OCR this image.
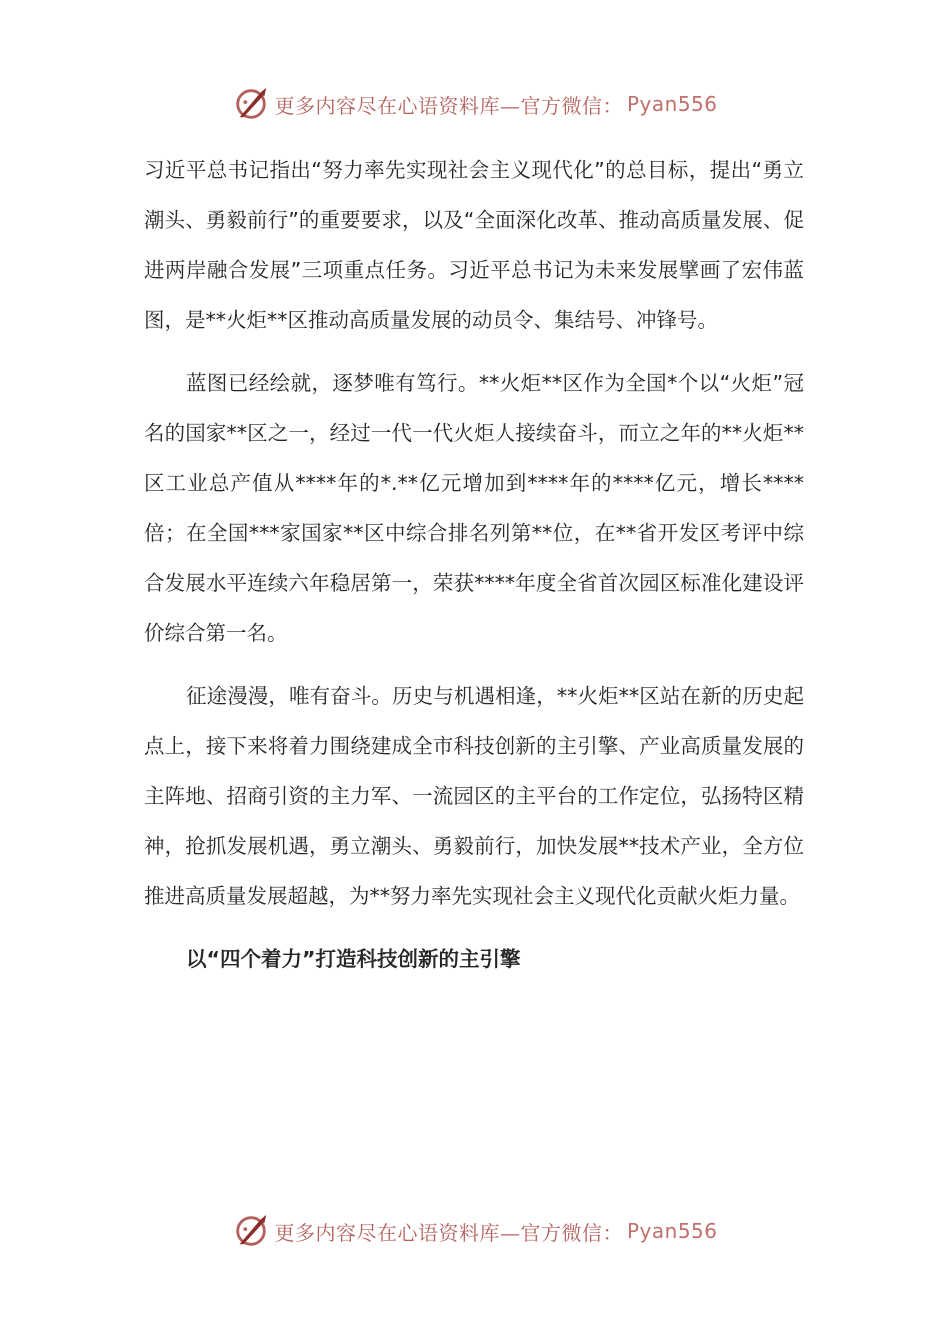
更多内容尽在心语资料库—官方微信： Pyan556

习近平总书记指出“努力率先实现社会主义现代化”的总目标，提出“勇立潮头、勇毅前行”的重要要求，以及“全面深化改革、推动高质量发展、促进两岸融合发展”三项重点任务。习近平总书记为未来发展擘画了宏伟蓝图，是**火炬**区推动高质量发展的动员令、集结号、冲锋号。

蓝图已经绘就，逐梦唯有笃行。**火炬**区作为全国*个以“火炬”冠名的国家**区之一，经过一代一代火炬人接续奋斗，而立之年的**火炬**区工业总产值从****年的*.**亿元增加到****年的****亿元，增长****倍；在全国***家国家**区中综合排名列第**位，在**省开发区考评中综合发展水平连续六年稳居第一，荣获****年度全省首次园区标准化建设评价综合第一名。

征途漫漫，唯有奋斗。历史与机遇相逢，**火炬**区站在新的历史起点上，接下来将着力围绕建成全市科技创新的主引擎、产业高质量发展的主阵地、招商引资的主力军、一流园区的主平台的工作定位，弘扬特区精神，抢抓发展机遇，勇立潮头、勇毅前行，加快发展**技术产业，全方位推进高质量发展超越，为**努力率先实现社会主义现代化贡献火炬力量。

以“四个着力”打造科技创新的主引擎

更多内容尽在心语资料库—官方微信： Pyan556
